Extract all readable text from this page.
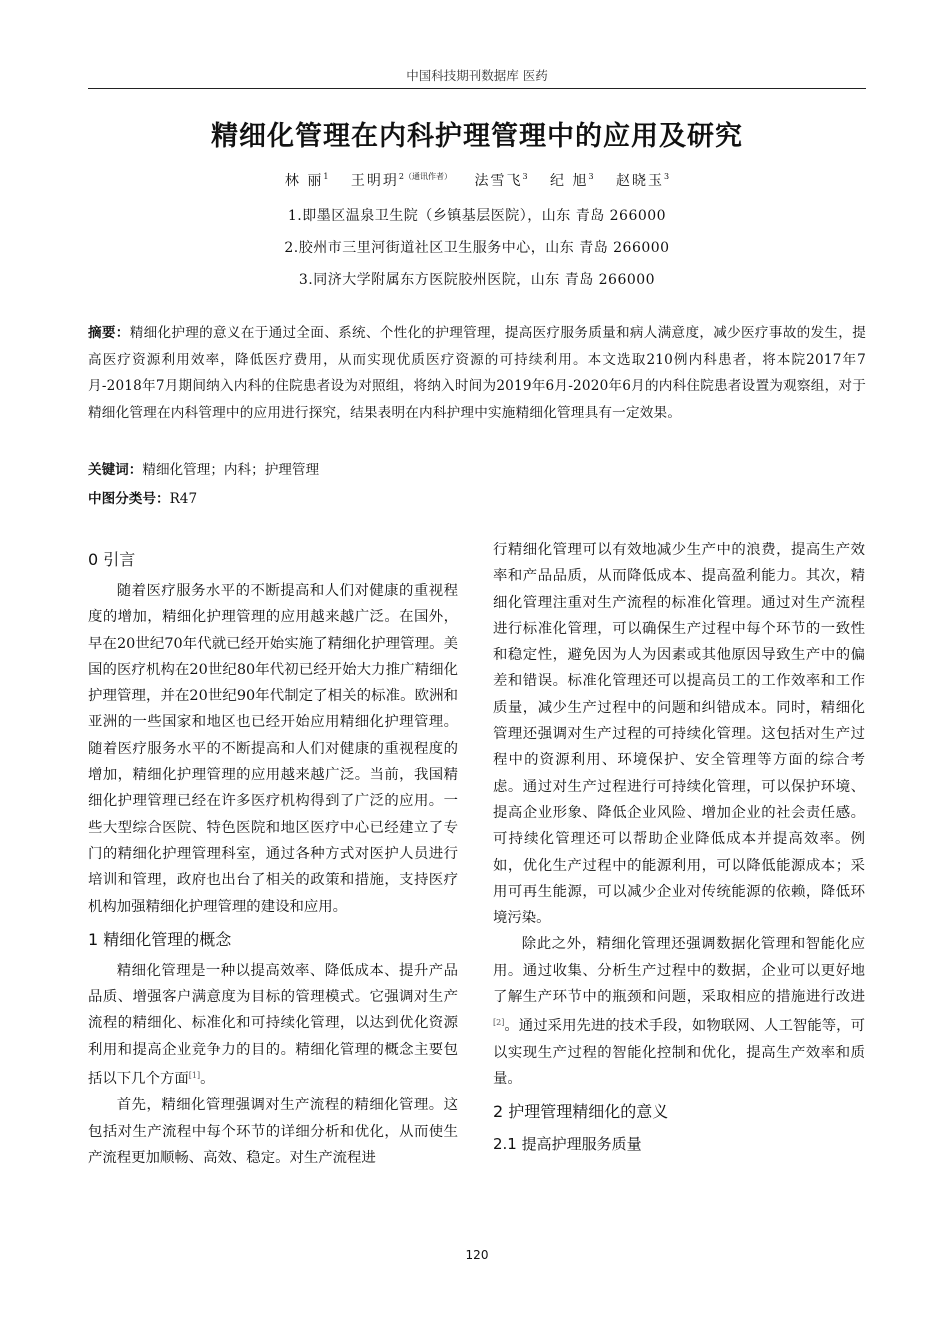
中国科技期刊数据库 医药
精细化管理在内科护理管理中的应用及研究
林 丽$^1$ 王明玥$^{2(通讯作者)}$ 法雪飞$^3$ 纪 旭$^3$ 赵晓玉$^3$
1.即墨区温泉卫生院（乡镇基层医院），山东 青岛 266000
2.胶州市三里河街道社区卫生服务中心，山东 青岛 266000
3.同济大学附属东方医院胶州医院，山东 青岛 266000
摘要：精细化护理的意义在于通过全面、系统、个性化的护理管理，提高医疗服务质量和病人满意度，减少医疗事故的发生，提高医疗资源利用效率，降低医疗费用，从而实现优质医疗资源的可持续利用。本文选取210例内科患者，将本院2017年7月-2018年7月期间纳入内科的住院患者设为对照组，将纳入时间为2019年6月-2020年6月的内科住院患者设置为观察组，对于精细化管理在内科管理中的应用进行探究，结果表明在内科护理中实施精细化管理具有一定效果。
关键词：精细化管理；内科；护理管理
中图分类号：R47
0 引言

随着医疗服务水平的不断提高和人们对健康的重视程度的增加，精细化护理管理的应用越来越广泛。在国外，早在20世纪70年代就已经开始实施了精细化护理管理。美国的医疗机构在20世纪80年代初已经开始大力推广精细化护理管理，并在20世纪90年代制定了相关的标准。欧洲和亚洲的一些国家和地区也已经开始应用精细化护理管理。随着医疗服务水平的不断提高和人们对健康的重视程度的增加，精细化护理管理的应用越来越广泛。当前，我国精细化护理管理已经在许多医疗机构得到了广泛的应用。一些大型综合医院、特色医院和地区医疗中心已经建立了专门的精细化护理管理科室，通过各种方式对医护人员进行培训和管理，政府也出台了相关的政策和措施，支持医疗机构加强精细化护理管理的建设和应用。

1 精细化管理的概念

精细化管理是一种以提高效率、降低成本、提升产品品质、增强客户满意度为目标的管理模式。它强调对生产流程的精细化、标准化和可持续化管理，以达到优化资源利用和提高企业竞争力的目的。精细化管理的概念主要包括以下几个方面[1]。

首先，精细化管理强调对生产流程的精细化管理。这包括对生产流程中每个环节的详细分析和优化，从而使生产流程更加顺畅、高效、稳定。对生产流程进

行精细化管理可以有效地减少生产中的浪费，提高生产效率和产品品质，从而降低成本、提高盈利能力。其次，精细化管理注重对生产流程的标准化管理。通过对生产流程进行标准化管理，可以确保生产过程中每个环节的一致性和稳定性，避免因为人为因素或其他原因导致生产中的偏差和错误。标准化管理还可以提高员工的工作效率和工作质量，减少生产过程中的问题和纠错成本。同时，精细化管理还强调对生产过程的可持续化管理。这包括对生产过程中的资源利用、环境保护、安全管理等方面的综合考虑。通过对生产过程进行可持续化管理，可以保护环境、提高企业形象、降低企业风险、增加企业的社会责任感。可持续化管理还可以帮助企业降低成本并提高效率。例如，优化生产过程中的能源利用，可以降低能源成本；采用可再生能源，可以减少企业对传统能源的依赖，降低环境污染。

除此之外，精细化管理还强调数据化管理和智能化应用。通过收集、分析生产过程中的数据，企业可以更好地了解生产环节中的瓶颈和问题，采取相应的措施进行改进[2]。通过采用先进的技术手段，如物联网、人工智能等，可以实现生产过程的智能化控制和优化，提高生产效率和质量。

2 护理管理精细化的意义
2.1 提高护理服务质量
120
